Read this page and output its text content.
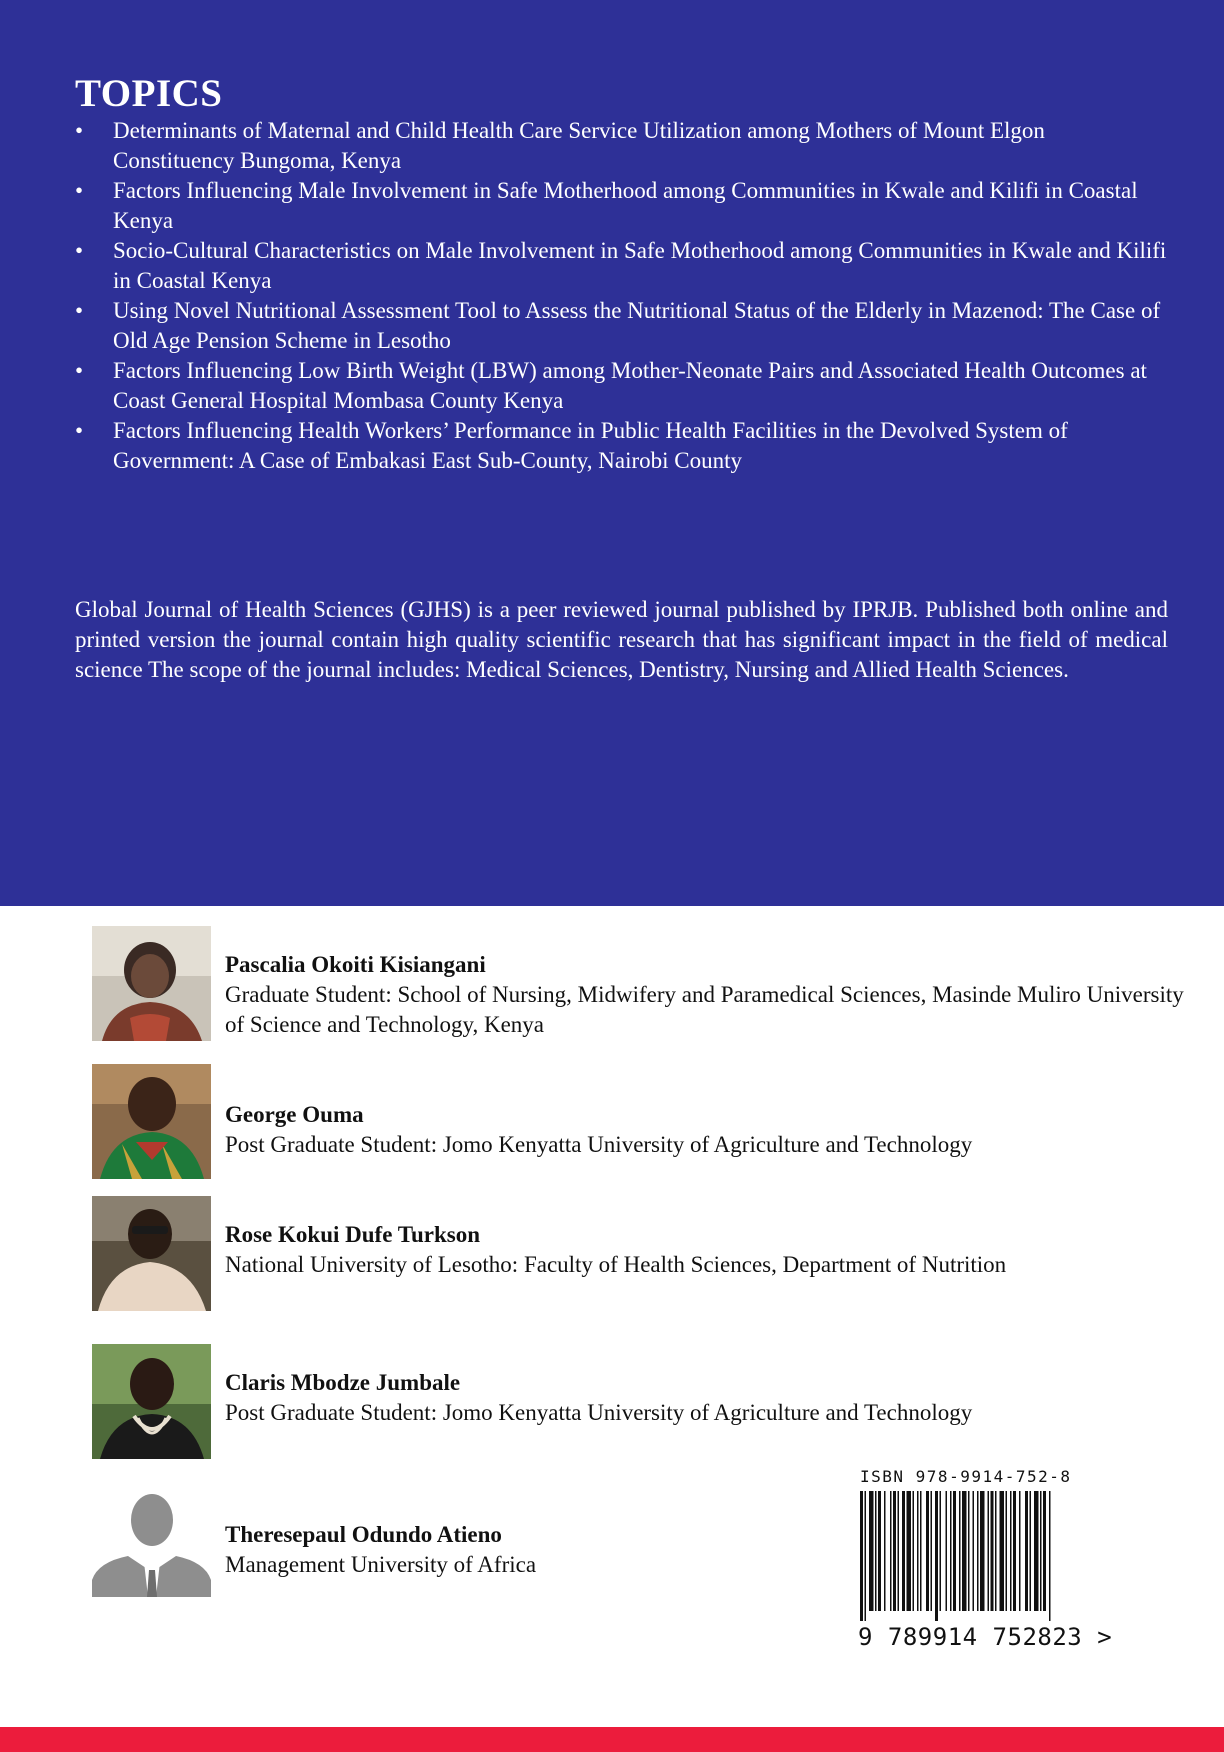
TOPICS
• Determinants of Maternal and Child Health Care Service Utilization among Mothers of Mount Elgon Constituency Bungoma, Kenya
• Factors Influencing Male Involvement in Safe Motherhood among Communities in Kwale and Kilifi in Coastal Kenya
• Socio-Cultural Characteristics on Male Involvement in Safe Motherhood among Communities in Kwale and Kilifi in Coastal Kenya
• Using Novel Nutritional Assessment Tool to Assess the Nutritional Status of the Elderly in Mazenod: The Case of Old Age Pension Scheme in Lesotho
• Factors Influencing Low Birth Weight (LBW) among Mother-Neonate Pairs and Associated Health Outcomes at Coast General Hospital Mombasa County Kenya
• Factors Influencing Health Workers’ Performance in Public Health Facilities in the Devolved System of Government: A Case of Embakasi East Sub-County, Nairobi County

Global Journal of Health Sciences (GJHS) is a peer reviewed journal published by IPRJB. Published both online and printed version the journal contain high quality scientific research that has significant impact in the field of medical science The scope of the journal includes: Medical Sciences, Dentistry, Nursing and Allied Health Sciences.

Pascalia Okoiti Kisiangani
Graduate Student: School of Nursing, Midwifery and Paramedical Sciences, Masinde Muliro University of Science and Technology, Kenya
George Ouma
Post Graduate Student: Jomo Kenyatta University of Agriculture and Technology
Rose Kokui Dufe Turkson
National University of Lesotho: Faculty of Health Sciences, Department of Nutrition
Claris Mbodze Jumbale
Post Graduate Student: Jomo Kenyatta University of Agriculture and Technology
Theresepaul Odundo Atieno
Management University of Africa
ISBN 978-9914-752-8
9 789914 752823 >
